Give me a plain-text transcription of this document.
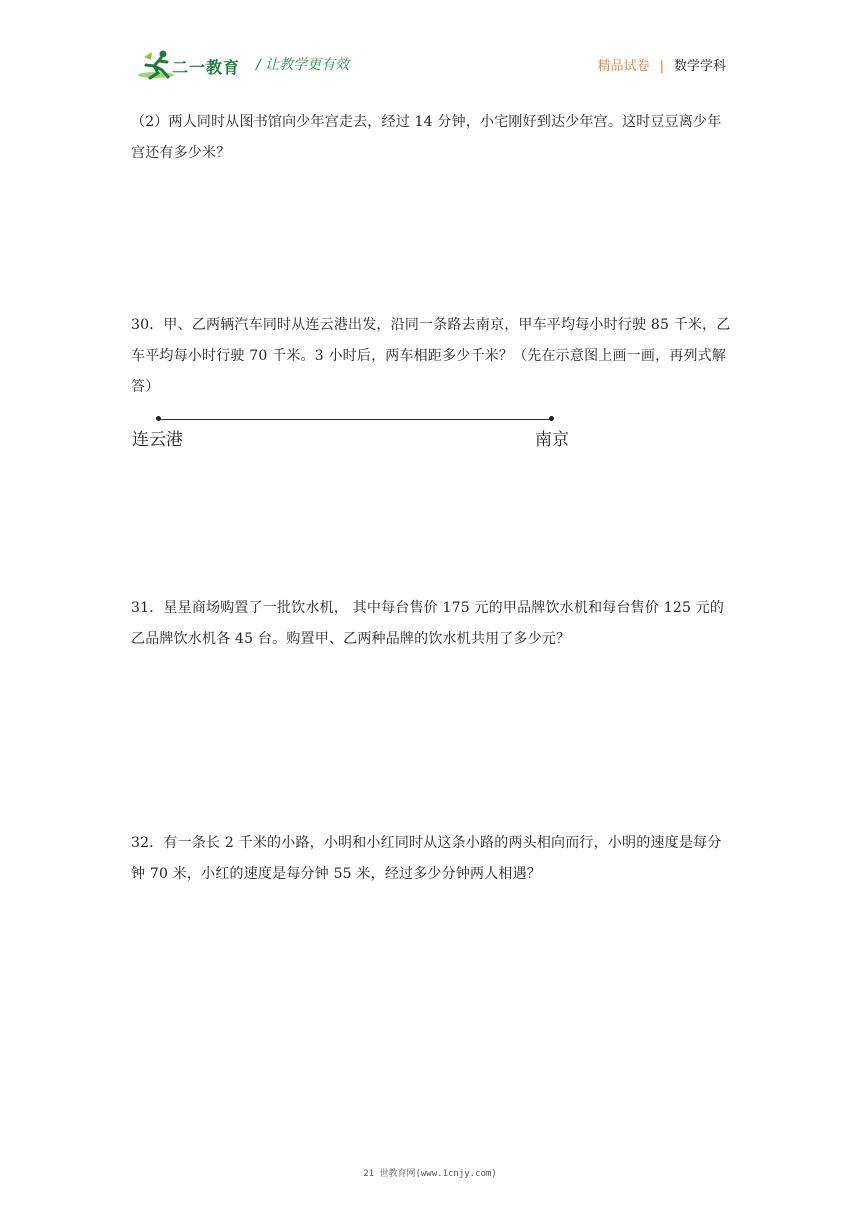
二一教育 / 让教学更有效	精品试卷 | 数学学科
（2）两人同时从图书馆向少年宫走去，经过 14 分钟，小宅刚好到达少年宫。这时豆豆离少年宫还有多少米？
30．甲、乙两辆汽车同时从连云港出发，沿同一条路去南京，甲车平均每小时行驶 85 千米，乙车平均每小时行驶 70 千米。3 小时后，两车相距多少千米？（先在示意图上画一画，再列式解答）
连云港	南京
31．星星商场购置了一批饮水机， 其中每台售价 175 元的甲品牌饮水机和每台售价 125 元的乙品牌饮水机各 45 台。购置甲、乙两种品牌的饮水机共用了多少元？
32．有一条长 2 千米的小路，小明和小红同时从这条小路的两头相向而行，小明的速度是每分钟 70 米，小红的速度是每分钟 55 米，经过多少分钟两人相遇？
21 世教育网(www.1cnjy.com)
